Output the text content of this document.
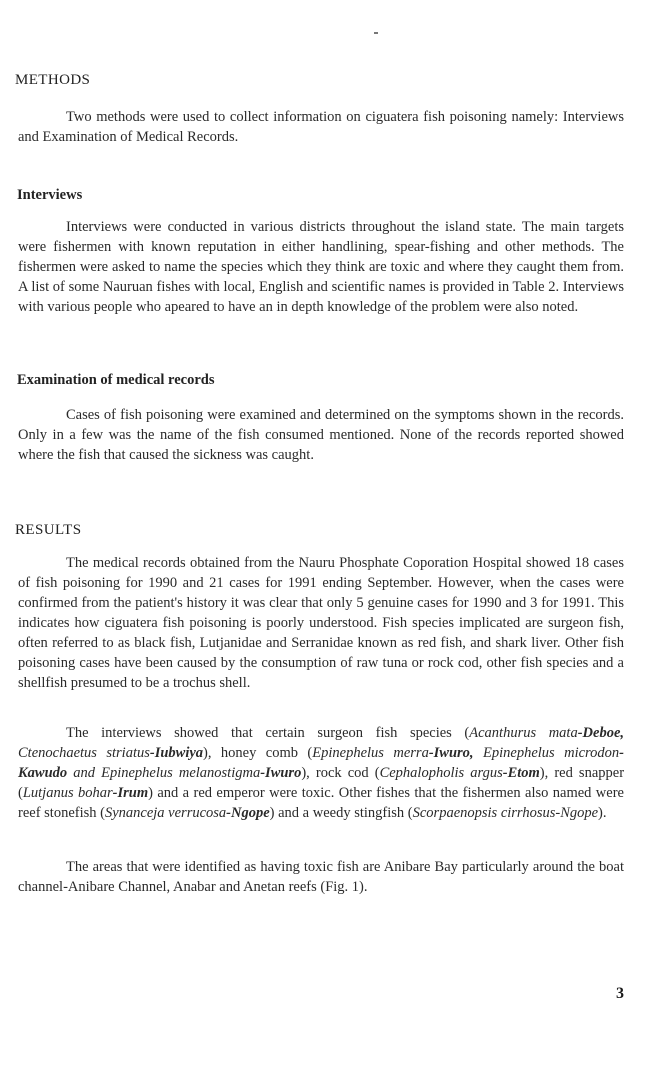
METHODS

Two methods were used to collect information on ciguatera fish poisoning namely: Interviews and Examination of Medical Records.

Interviews

Interviews were conducted in various districts throughout the island state. The main targets were fishermen with known reputation in either handlining, spear-fishing and other methods. The fishermen were asked to name the species which they think are toxic and where they caught them from. A list of some Nauruan fishes with local, English and scientific names is provided in Table 2. Interviews with various people who apeared to have an in depth knowledge of the problem were also noted.

Examination of medical records

Cases of fish poisoning were examined and determined on the symptoms shown in the records. Only in a few was the name of the fish consumed mentioned. None of the records reported showed where the fish that caused the sickness was caught.

RESULTS

The medical records obtained from the Nauru Phosphate Coporation Hospital showed 18 cases of fish poisoning for 1990 and 21 cases for 1991 ending September. However, when the cases were confirmed from the patient's history it was clear that only 5 genuine cases for 1990 and 3 for 1991. This indicates how ciguatera fish poisoning is poorly understood. Fish species implicated are surgeon fish, often referred to as black fish, Lutjanidae and Serranidae known as red fish, and shark liver. Other fish poisoning cases have been caused by the consumption of raw tuna or rock cod, other fish species and a shellfish presumed to be a trochus shell.

The interviews showed that certain surgeon fish species (Acanthurus mata-Deboe, Ctenochaetus striatus-Iubwiya), honey comb (Epinephelus merra-Iwuro, Epinephelus microdon-Kawudo and Epinephelus melanostigma-Iwuro), rock cod (Cephalopholis argus-Etom), red snapper (Lutjanus bohar-Irum) and a red emperor were toxic. Other fishes that the fishermen also named were reef stonefish (Synanceja verrucosa-Ngope) and a weedy stingfish (Scorpaenopsis cirrhosus-Ngope).

The areas that were identified as having toxic fish are Anibare Bay particularly around the boat channel-Anibare Channel, Anabar and Anetan reefs (Fig. 1).

3
